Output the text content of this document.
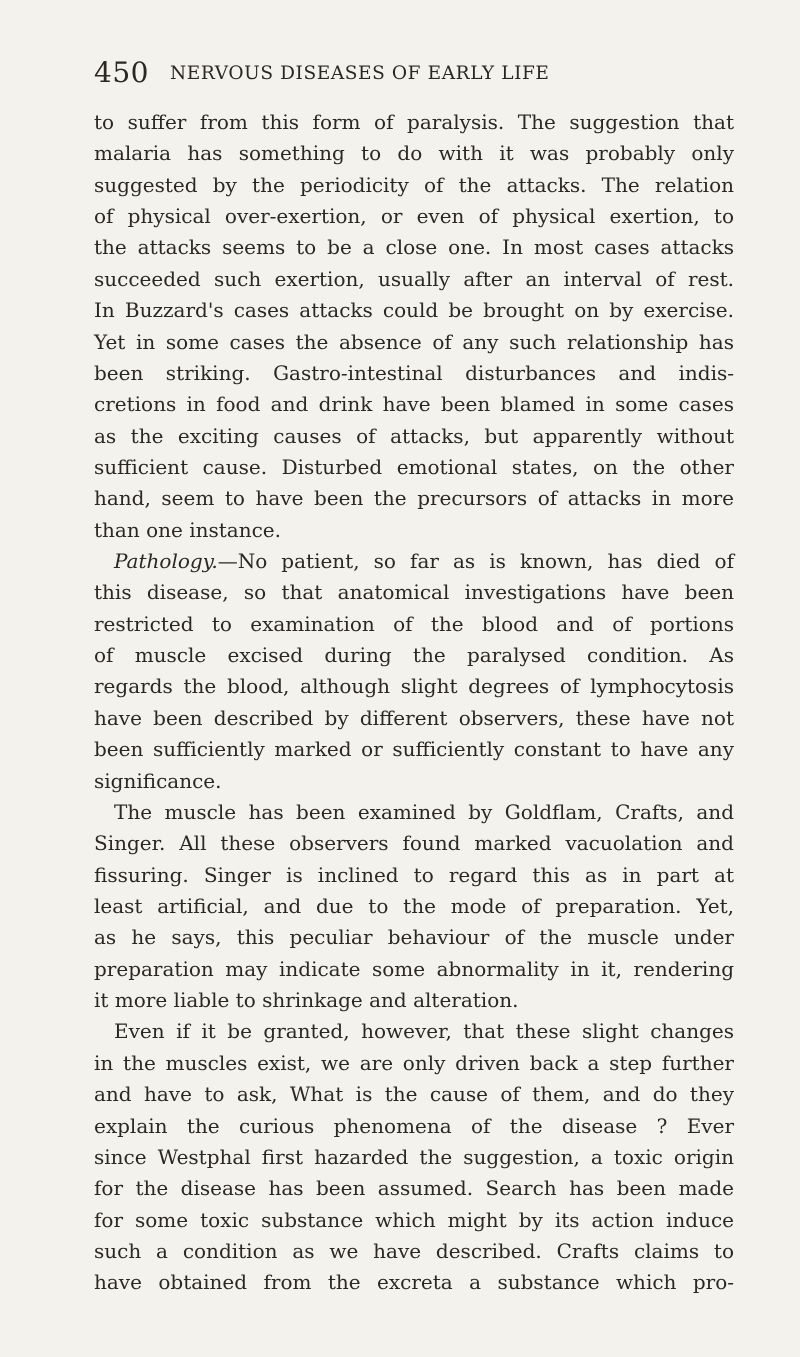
450 NERVOUS DISEASES OF EARLY LIFE
to suffer from this form of paralysis. The suggestion that
malaria has something to do with it was probably only
suggested by the periodicity of the attacks. The relation
of physical over-exertion, or even of physical exertion, to
the attacks seems to be a close one. In most cases attacks
succeeded such exertion, usually after an interval of rest.
In Buzzard's cases attacks could be brought on by exercise.
Yet in some cases the absence of any such relationship has
been striking. Gastro-intestinal disturbances and indis-
cretions in food and drink have been blamed in some cases
as the exciting causes of attacks, but apparently without
sufficient cause. Disturbed emotional states, on the other
hand, seem to have been the precursors of attacks in more
than one instance.
Pathology.—No patient, so far as is known, has died of
this disease, so that anatomical investigations have been
restricted to examination of the blood and of portions
of muscle excised during the paralysed condition. As
regards the blood, although slight degrees of lymphocytosis
have been described by different observers, these have not
been sufficiently marked or sufficiently constant to have any
significance.
The muscle has been examined by Goldflam, Crafts, and
Singer. All these observers found marked vacuolation and
fissuring. Singer is inclined to regard this as in part at
least artificial, and due to the mode of preparation. Yet,
as he says, this peculiar behaviour of the muscle under
preparation may indicate some abnormality in it, rendering
it more liable to shrinkage and alteration.
Even if it be granted, however, that these slight changes
in the muscles exist, we are only driven back a step further
and have to ask, What is the cause of them, and do they
explain the curious phenomena of the disease ? Ever
since Westphal first hazarded the suggestion, a toxic origin
for the disease has been assumed. Search has been made
for some toxic substance which might by its action induce
such a condition as we have described. Crafts claims to
have obtained from the excreta a substance which pro-
